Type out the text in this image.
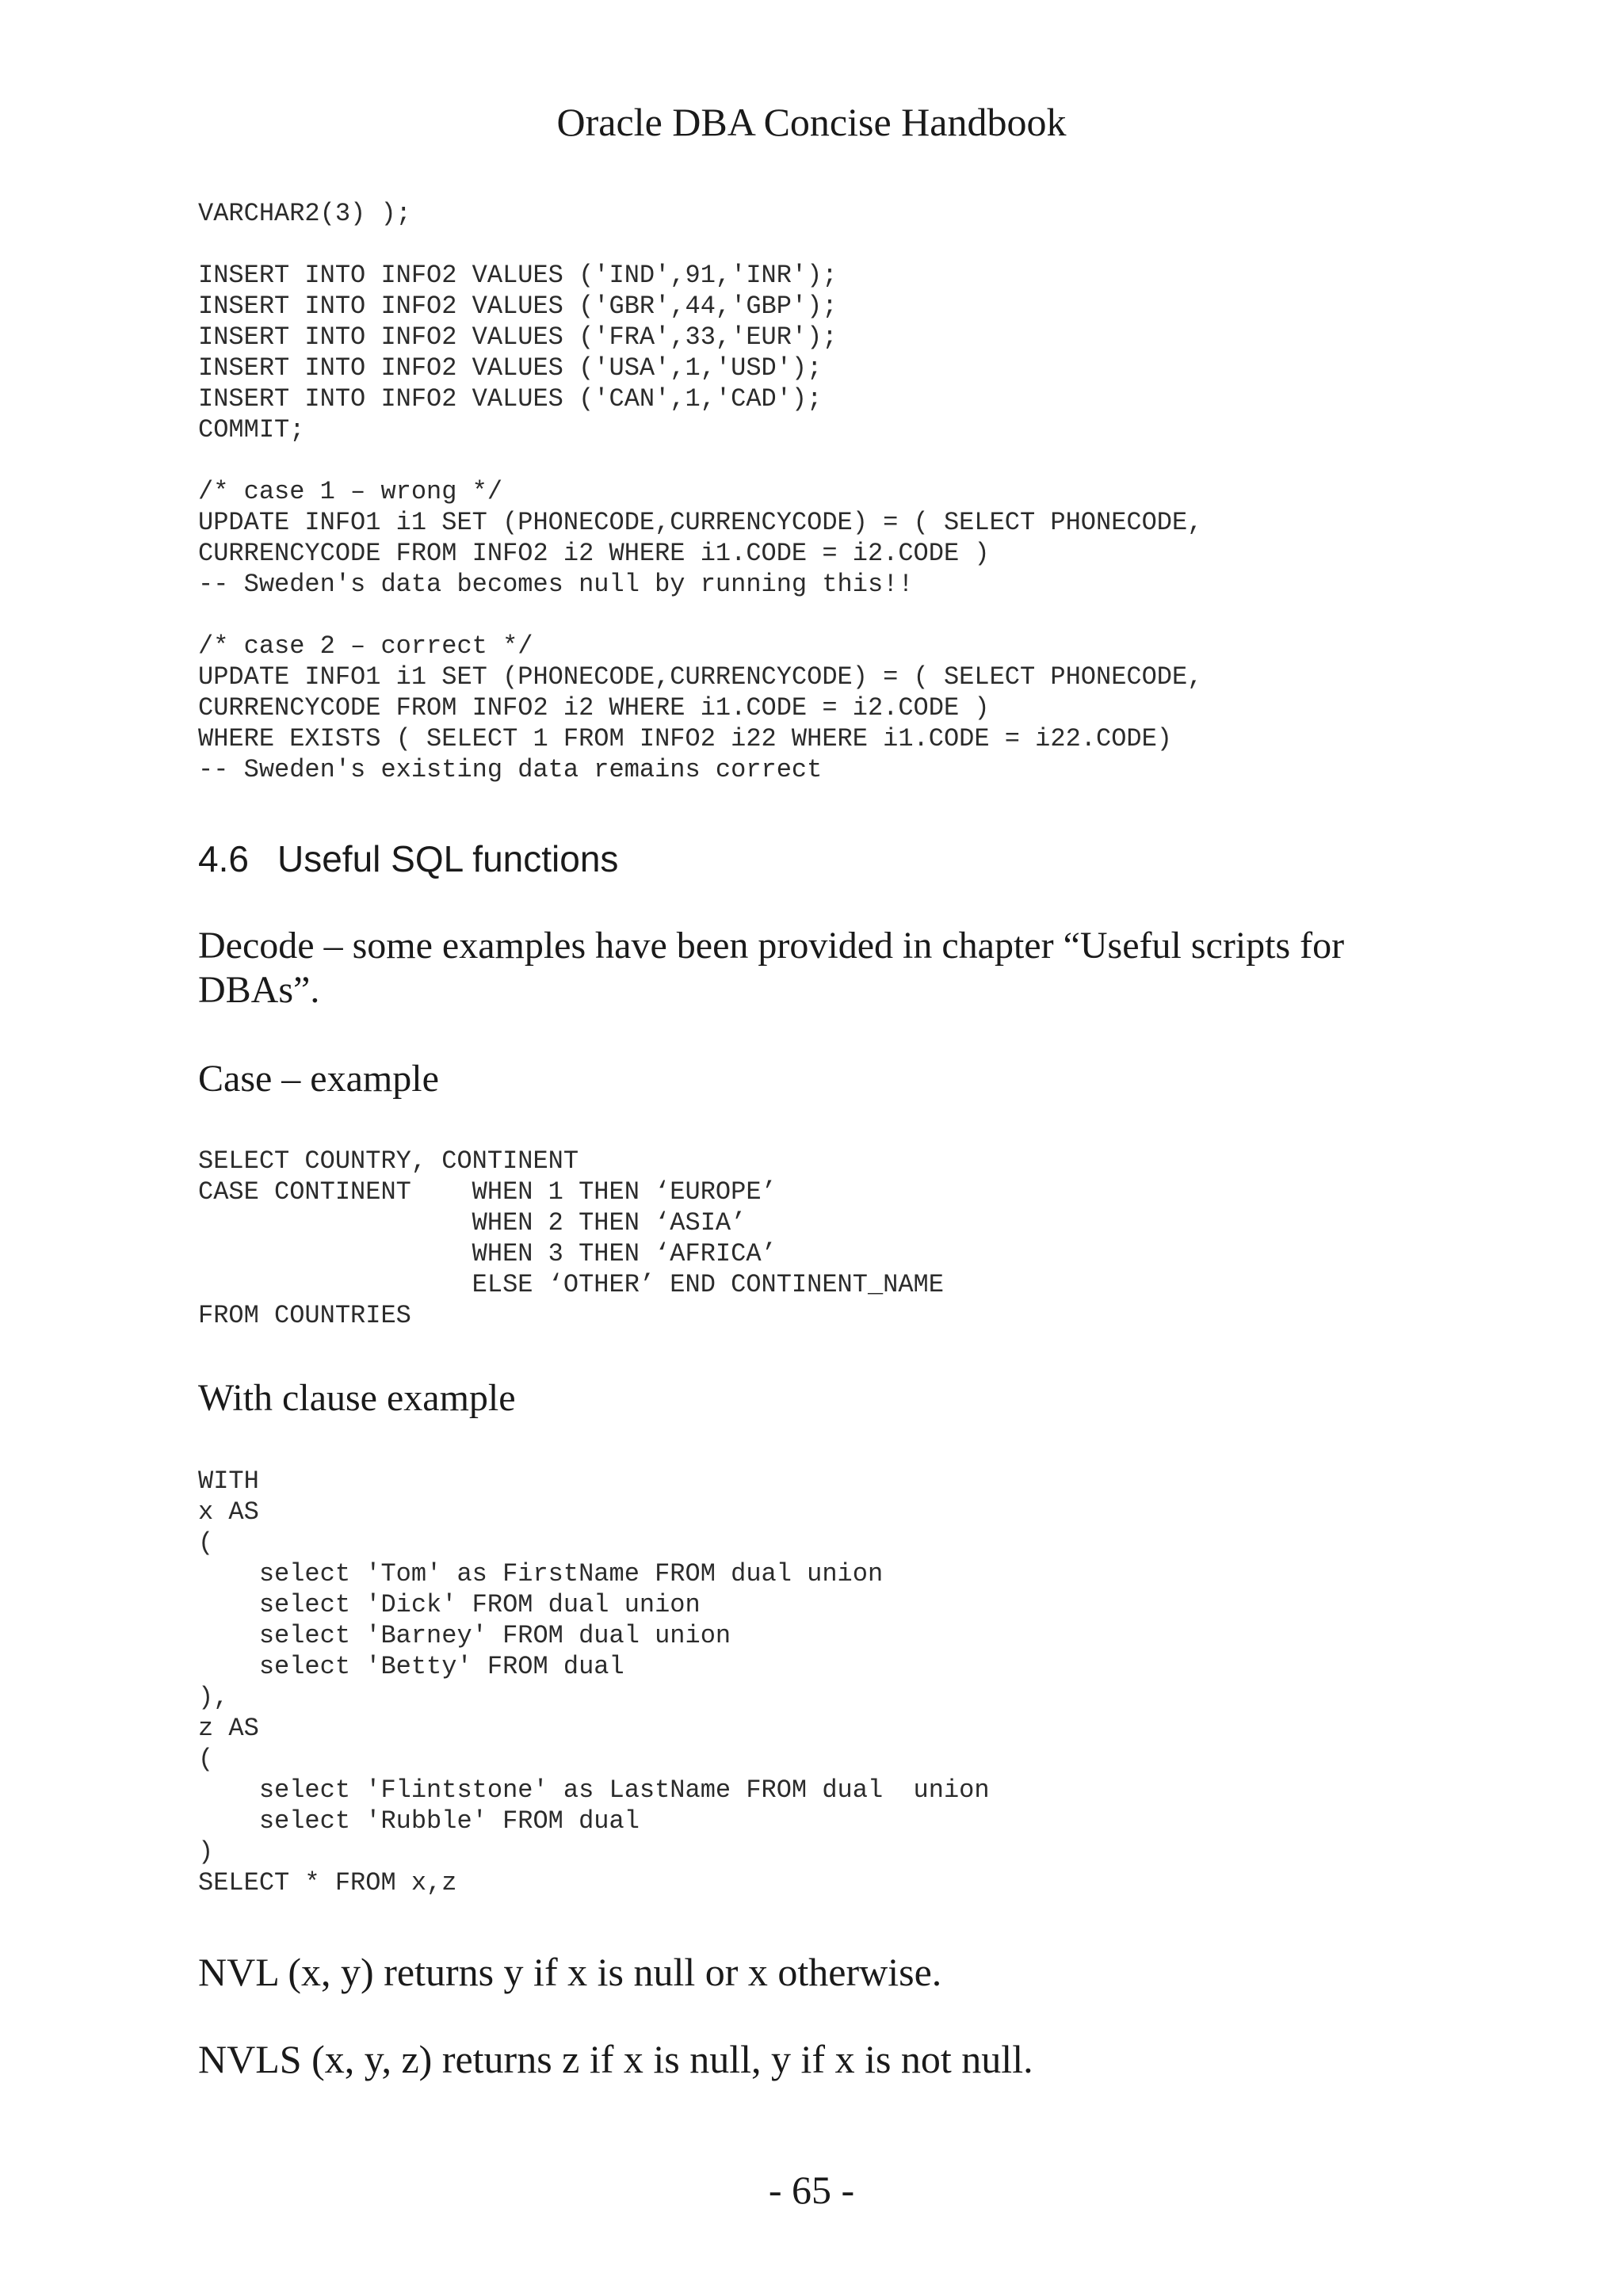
Oracle DBA Concise Handbook
VARCHAR2(3) );

INSERT INTO INFO2 VALUES ('IND',91,'INR');
INSERT INTO INFO2 VALUES ('GBR',44,'GBP');
INSERT INTO INFO2 VALUES ('FRA',33,'EUR');
INSERT INTO INFO2 VALUES ('USA',1,'USD');
INSERT INTO INFO2 VALUES ('CAN',1,'CAD');
COMMIT;

/* case 1 – wrong */
UPDATE INFO1 i1 SET (PHONECODE,CURRENCYCODE) = ( SELECT PHONECODE,
CURRENCYCODE FROM INFO2 i2 WHERE i1.CODE = i2.CODE )
-- Sweden's data becomes null by running this!!

/* case 2 – correct */
UPDATE INFO1 i1 SET (PHONECODE,CURRENCYCODE) = ( SELECT PHONECODE,
CURRENCYCODE FROM INFO2 i2 WHERE i1.CODE = i2.CODE )
WHERE EXISTS ( SELECT 1 FROM INFO2 i22 WHERE i1.CODE = i22.CODE)
-- Sweden's existing data remains correct
4.6 Useful SQL functions

Decode – some examples have been provided in chapter “Useful scripts for DBAs”.

Case – example

SELECT COUNTRY, CONTINENT
CASE CONTINENT    WHEN 1 THEN ‘EUROPE’
WHEN 2 THEN ‘ASIA’
WHEN 3 THEN ‘AFRICA’
ELSE ‘OTHER’ END CONTINENT_NAME
FROM COUNTRIES

With clause example

WITH
x AS
(
select 'Tom' as FirstName FROM dual union
select 'Dick' FROM dual union
select 'Barney' FROM dual union
select 'Betty' FROM dual
),
z AS
(
select 'Flintstone' as LastName FROM dual  union
select 'Rubble' FROM dual
)
SELECT * FROM x,z

NVL (x, y) returns y if x is null or x otherwise.

NVLS (x, y, z) returns z if x is null, y if x is not null.

- 65 -
